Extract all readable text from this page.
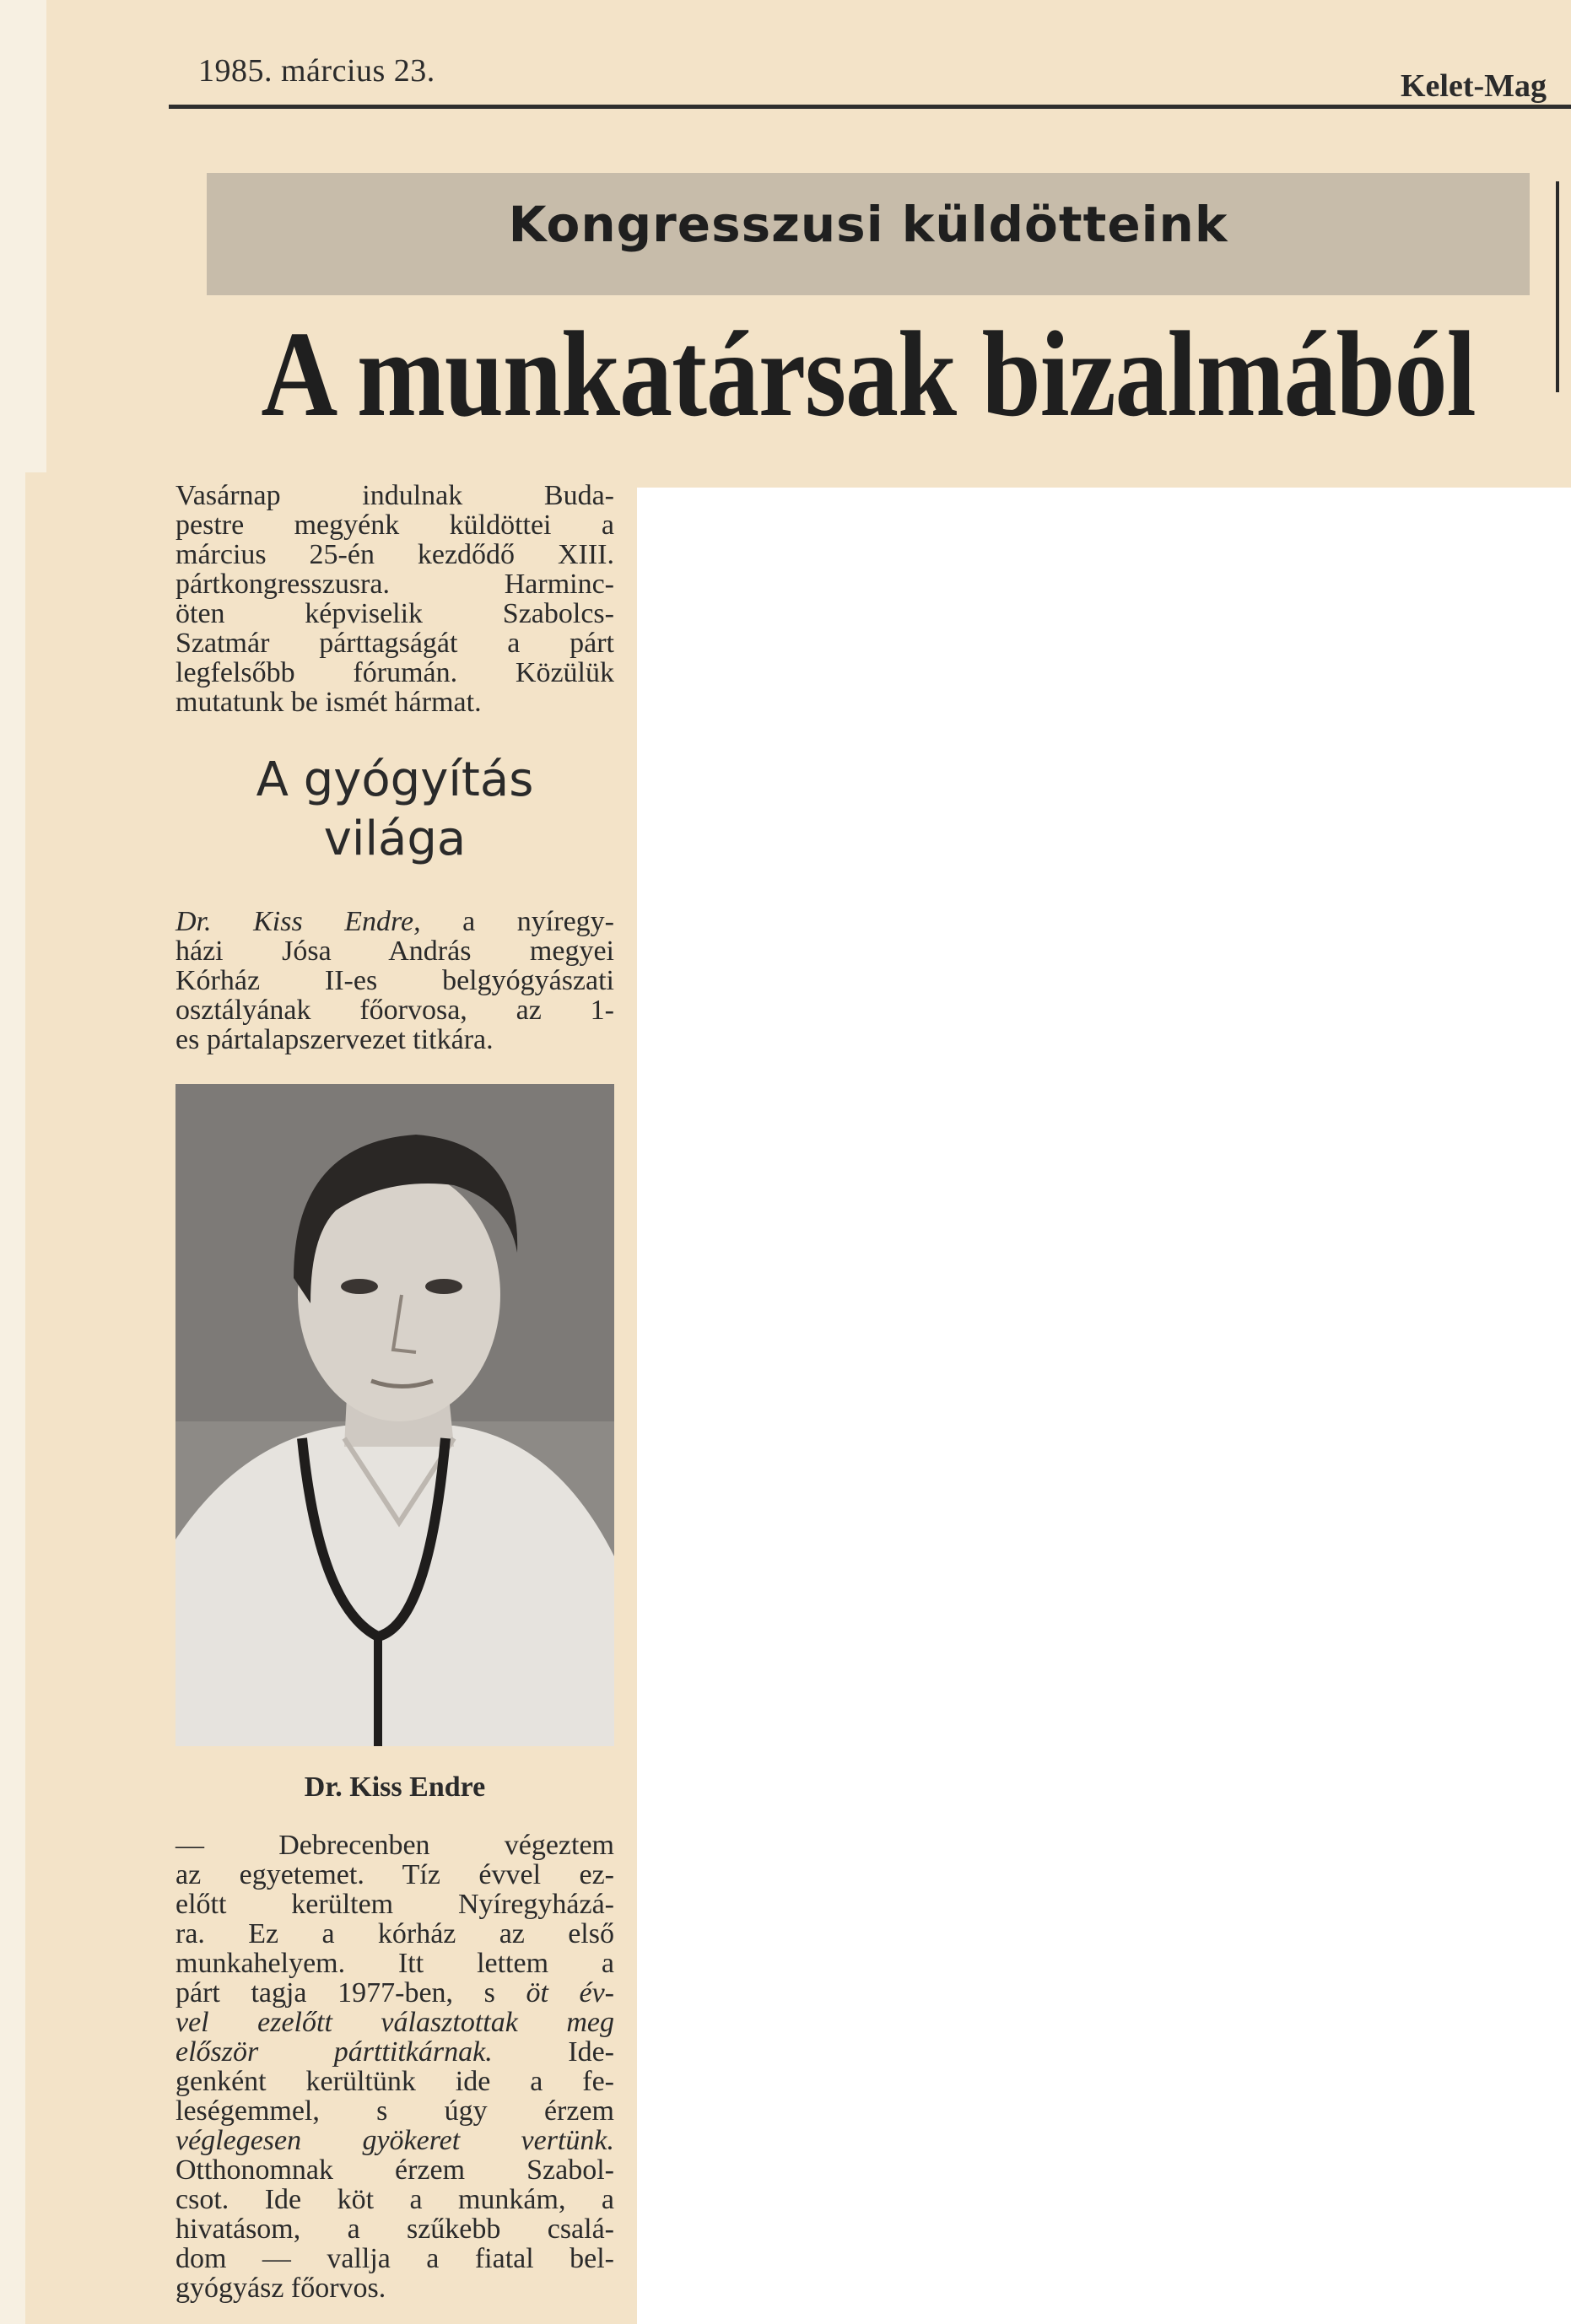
1985. március 23.	Kelet-Mag
Kongresszusi küldötteink
A munkatársak bizalmából
Vasárnap indulnak Buda-
pestre megyénk küldöttei a
március 25-én kezdődő XIII.
pártkongresszusra. Harminc-
öten képviselik Szabolcs-
Szatmár párttagságát a párt
legfelsőbb fórumán. Közülük
mutatunk be ismét hármat.
A gyógyítás
világa
Dr. Kiss Endre, a nyíregy-
házi Jósa András megyei
Kórház II-es belgyógyászati
osztályának főorvosa, az 1-
es pártalapszervezet titkára.
Dr. Kiss Endre
— Debrecenben végeztem
az egyetemet. Tíz évvel ez-
előtt kerültem Nyíregyházá-
ra. Ez a kórház az első
munkahelyem. Itt lettem a
párt tagja 1977-ben, s öt év-
vel ezelőtt választottak meg
először párttitkárnak. Ide-
genként kerültünk ide a fe-
leségemmel, s úgy érzem
véglegesen gyökeret vertünk.
Otthonomnak érzem Szabol-
csot. Ide köt a munkám, a
hivatásom, a szűkebb csalá-
dom — vallja a fiatal bel-
gyógyász főorvos.
